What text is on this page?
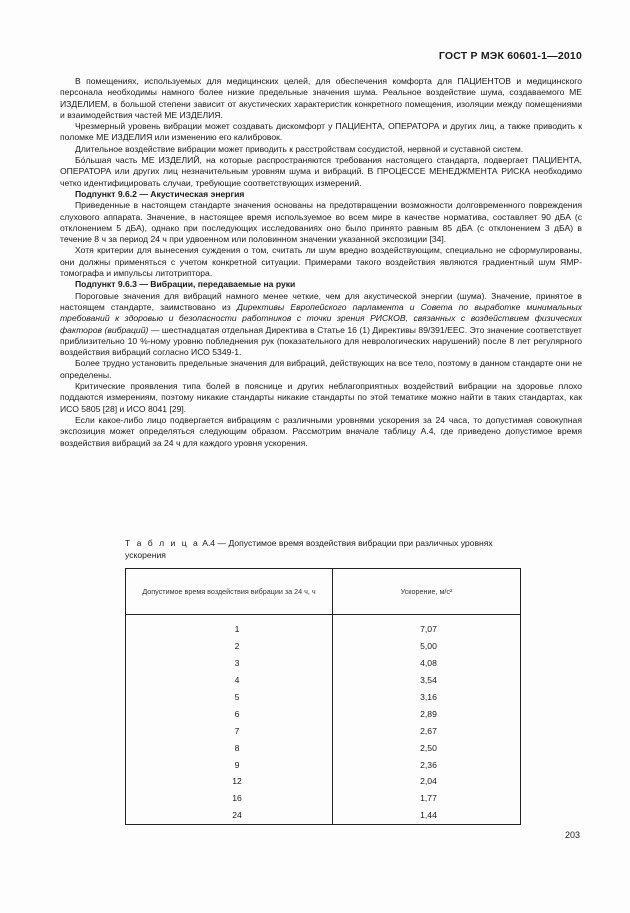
ГОСТ Р МЭК 60601-1—2010

В помещениях, используемых для медицинских целей, для обеспечения комфорта для ПАЦИЕНТОВ и медицинского персонала необходимы намного более низкие предельные значения шума. Реальное воздействие шума, создаваемого МЕ ИЗДЕЛИЕМ, в большой степени зависит от акустических характеристик конкретного помещения, изоляции между помещениями и взаимодействия частей МЕ ИЗДЕЛИЯ.

Чрезмерный уровень вибрации может создавать дискомфорт у ПАЦИЕНТА, ОПЕРАТОРА и других лиц, а также приводить к поломке МЕ ИЗДЕЛИЯ или изменению его калибровок.

Длительное воздействие вибрации может приводить к расстройствам сосудистой, нервной и суставной систем.

Бо́льшая часть МЕ ИЗДЕЛИЙ, на которые распространяются требования настоящего стандарта, подвергает ПАЦИЕНТА, ОПЕРАТОРА или других лиц незначительным уровням шума и вибраций. В ПРОЦЕССЕ МЕНЕДЖМЕНТА РИСКА необходимо четко идентифицировать случаи, требующие соответствующих измерений.

Подпункт 9.6.2 — Акустическая энергия

Приведенные в настоящем стандарте значения основаны на предотвращении возможности долговременного повреждения слухового аппарата. Значение, в настоящее время используемое во всем мире в качестве норматива, составляет 90 дБА (с отклонением 5 дБА), однако при последующих исследованиях оно было принято равным 85 дБА (с отклонением 3 дБА) в течение 8 ч за период 24 ч при удвоенном или половинном значении указанной экспозиции [34].

Хотя критерии для вынесения суждения о том, считать ли шум вредно воздействующим, специально не сформулированы, они должны применяться с учетом конкретной ситуации. Примерами такого воздействия являются градиентный шум ЯМР-томографа и импульсы литотриптора.

Подпункт 9.6.3 — Вибрации, передаваемые на руки

Пороговые значения для вибраций намного менее четкие, чем для акустической энергии (шума). Значение, принятое в настоящем стандарте, заимствовано из Директивы Европейского парламента и Совета по выработке минимальных требований к здоровью и безопасности работников с точки зрения РИСКОВ, связанных с воздействием физических факторов (вибраций) — шестнадцатая отдельная Директива в Статье 16 (1) Директивы 89/391/EEC. Это значение соответствует приблизительно 10 %-ному уровню побледнения рук (показательного для неврологических нарушений) после 8 лет регулярного воздействия вибраций согласно ИСО 5349-1.

Более трудно установить предельные значения для вибраций, действующих на все тело, поэтому в данном стандарте они не определены.

Критические проявления типа болей в пояснице и других неблагоприятных воздействий вибрации на здоровье плохо поддаются измерениям, поэтому никакие стандарты никакие стандарты по этой тематике можно найти в таких стандартах, как ИСО 5805 [28] и ИСО 8041 [29].

Если какое-либо лицо подвергается вибрациям с различными уровнями ускорения за 24 часа, то допустимая совокупная экспозиция может определяться следующим образом. Рассмотрим вначале таблицу А.4, где приведено допустимое время воздействия вибраций за 24 ч для каждого уровня ускорения.

Т а б л и ц а А.4 — Допустимое время воздействия вибрации при различных уровнях ускорения
Допустимое время воздействия вибрации за 24 ч, ч	Ускорение, м/с²
1	7,07
2	5,00
3	4,08
4	3,54
5	3,16
6	2,89
7	2,67
8	2,50
9	2,36
12	2,04
16	1,77
24	1,44
203
